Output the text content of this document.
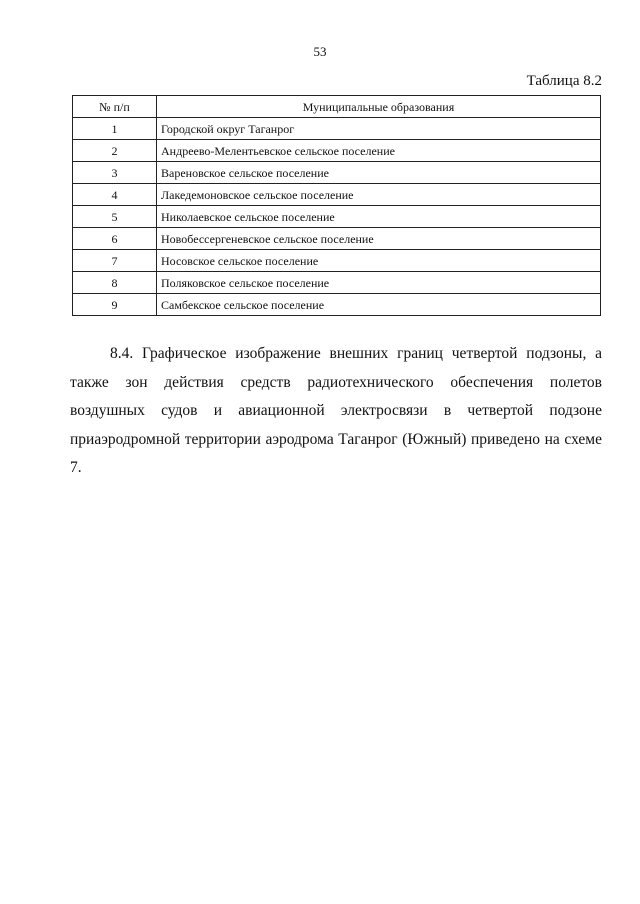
53
Таблица 8.2
№ п/п	Муниципальные образования
1	Городской округ Таганрог
2	Андреево-Мелентьевское сельское поселение
3	Вареновское сельское поселение
4	Лакедемоновское сельское поселение
5	Николаевское сельское поселение
6	Новобессергеневское сельское поселение
7	Носовское сельское поселение
8	Поляковское сельское поселение
9	Самбекское сельское поселение

8.4. Графическое изображение внешних границ четвертой подзоны, а также зон действия средств радиотехнического обеспечения полетов воздушных судов и авиационной электросвязи в четвертой подзоне приаэродромной территории аэродрома Таганрог (Южный) приведено на схеме 7.
